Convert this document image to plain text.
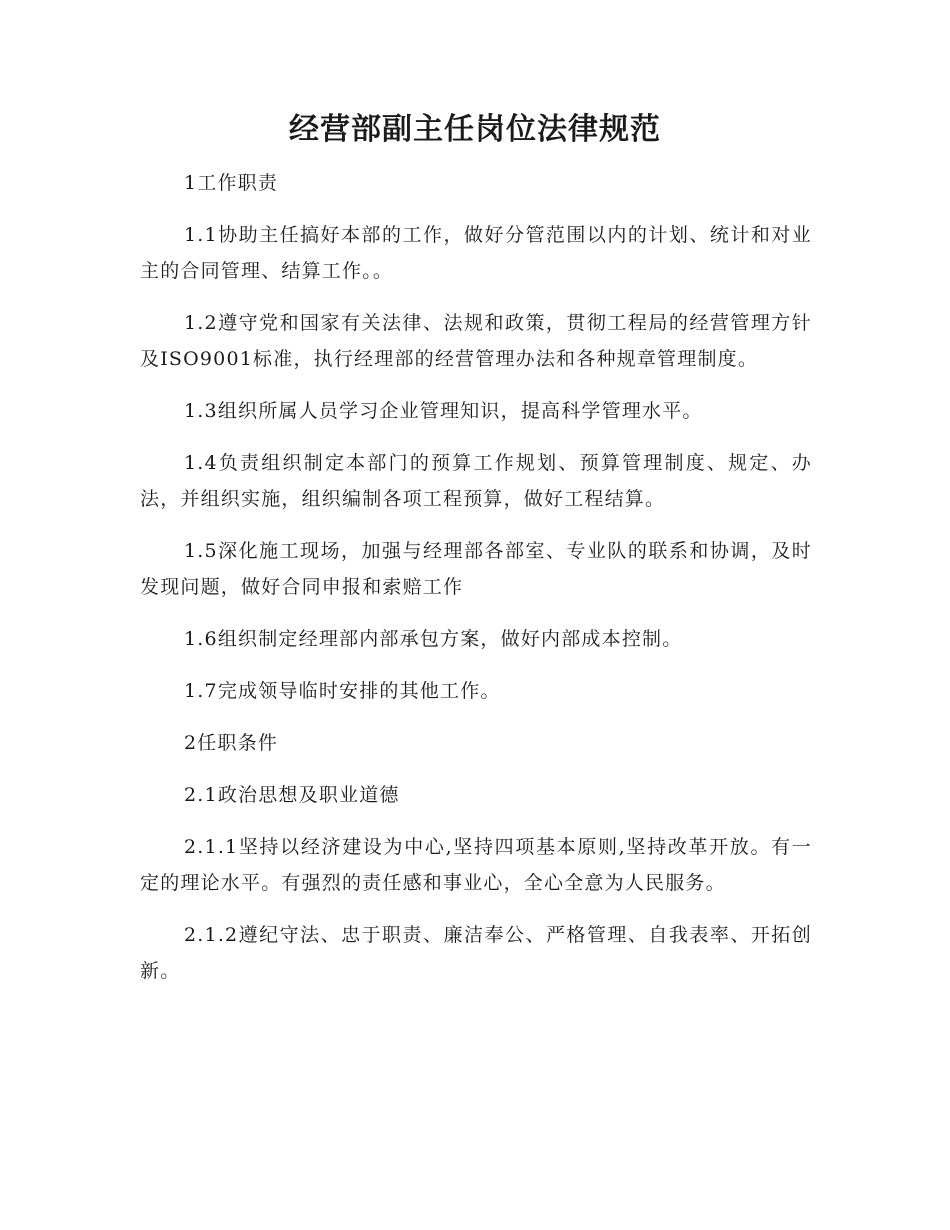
经营部副主任岗位法律规范

1工作职责

1.1协助主任搞好本部的工作，做好分管范围以内的计划、统计和对业主的合同管理、结算工作。。

1.2遵守党和国家有关法律、法规和政策，贯彻工程局的经营管理方针及ISO9001标准，执行经理部的经营管理办法和各种规章管理制度。

1.3组织所属人员学习企业管理知识，提高科学管理水平。

1.4负责组织制定本部门的预算工作规划、预算管理制度、规定、办法，并组织实施，组织编制各项工程预算，做好工程结算。

1.5深化施工现场，加强与经理部各部室、专业队的联系和协调，及时发现问题，做好合同申报和索赔工作

1.6组织制定经理部内部承包方案，做好内部成本控制。

1.7完成领导临时安排的其他工作。

2任职条件

2.1政治思想及职业道德

2.1.1坚持以经济建设为中心,坚持四项基本原则,坚持改革开放。有一定的理论水平。有强烈的责任感和事业心，全心全意为人民服务。

2.1.2遵纪守法、忠于职责、廉洁奉公、严格管理、自我表率、开拓创新。
